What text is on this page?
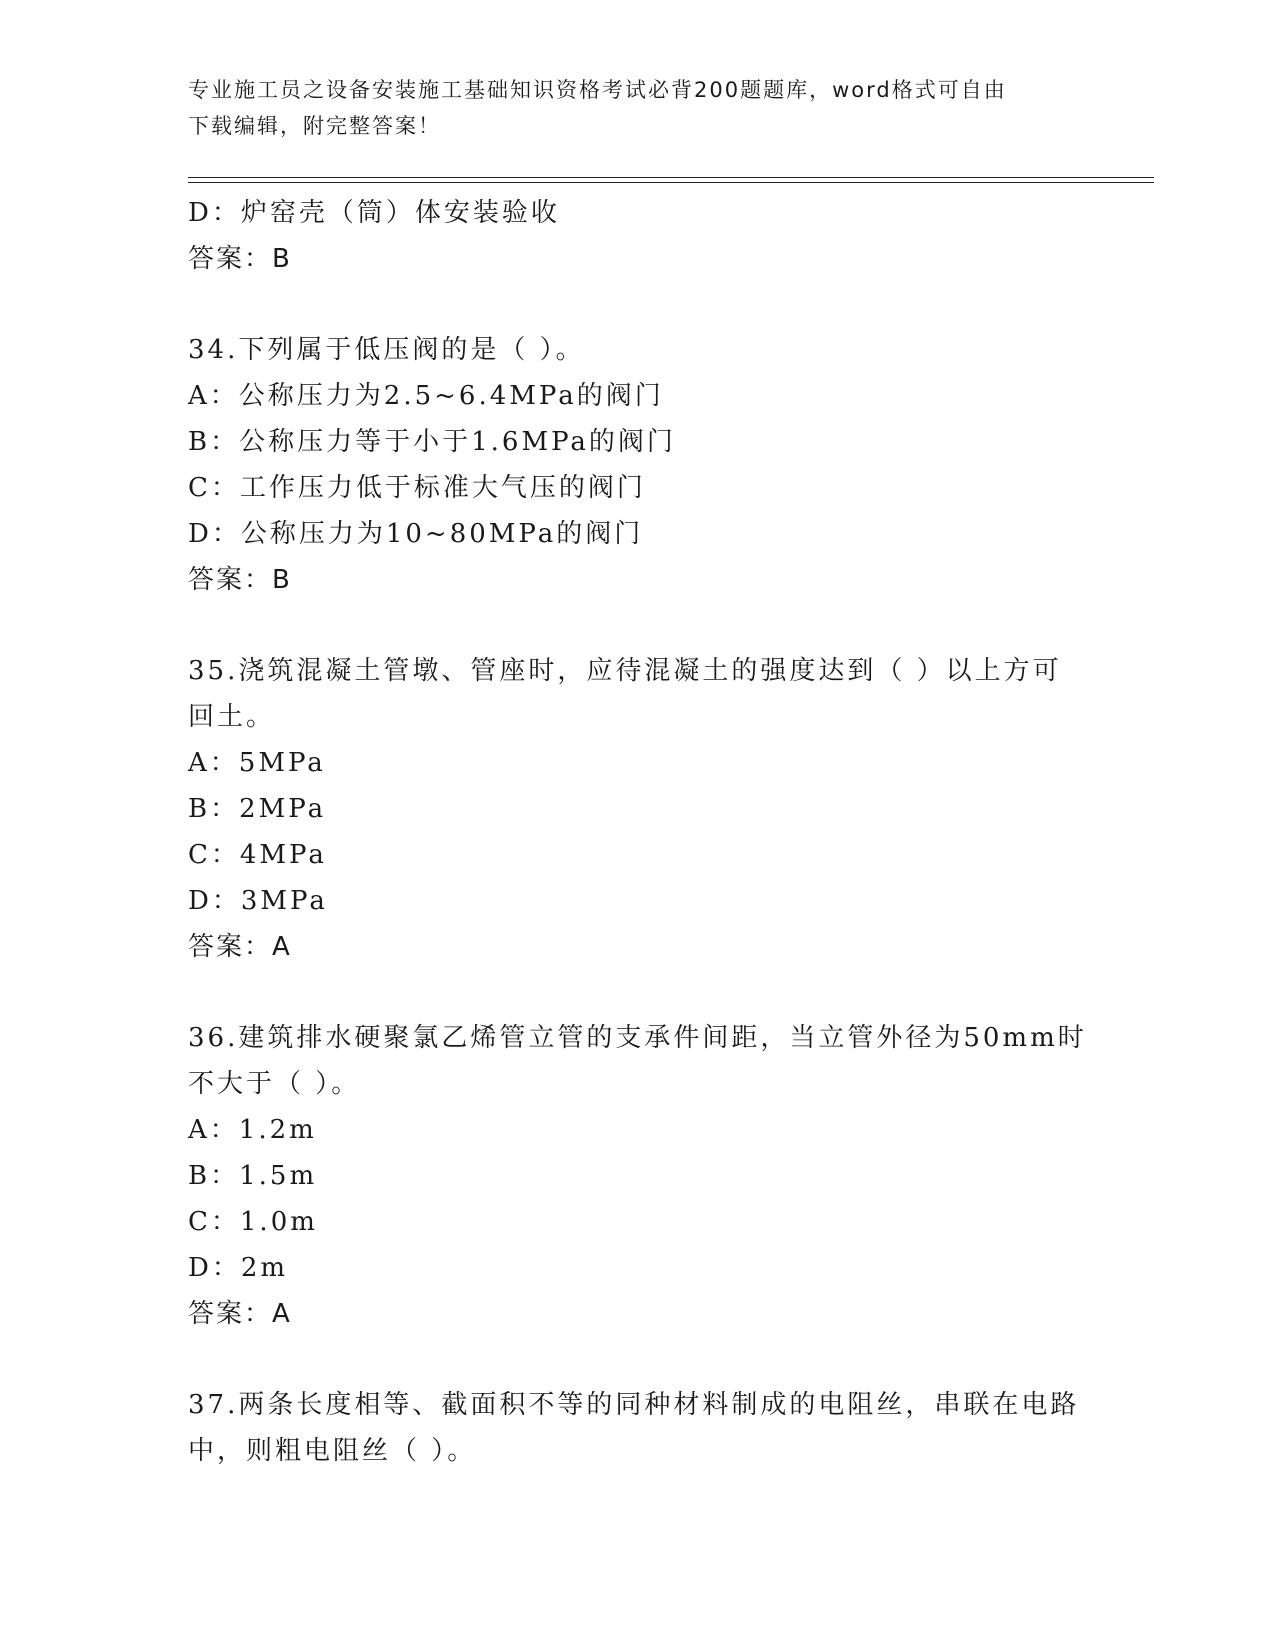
专业施工员之设备安装施工基础知识资格考试必背200题题库，word格式可自由
下载编辑，附完整答案！
D：炉窑壳（筒）体安装验收
答案：B
34.下列属于低压阀的是（ ）。
A：公称压力为2.5~6.4MPa的阀门
B：公称压力等于小于1.6MPa的阀门
C：工作压力低于标准大气压的阀门
D：公称压力为10~80MPa的阀门
答案：B
35.浇筑混凝土管墩、管座时，应待混凝土的强度达到（ ）以上方可
回土。
A：5MPa
B：2MPa
C：4MPa
D：3MPa
答案：A
36.建筑排水硬聚氯乙烯管立管的支承件间距，当立管外径为50mm时
不大于（ ）。
A：1.2m
B：1.5m
C：1.0m
D：2m
答案：A
37.两条长度相等、截面积不等的同种材料制成的电阻丝，串联在电路
中，则粗电阻丝（ ）。
